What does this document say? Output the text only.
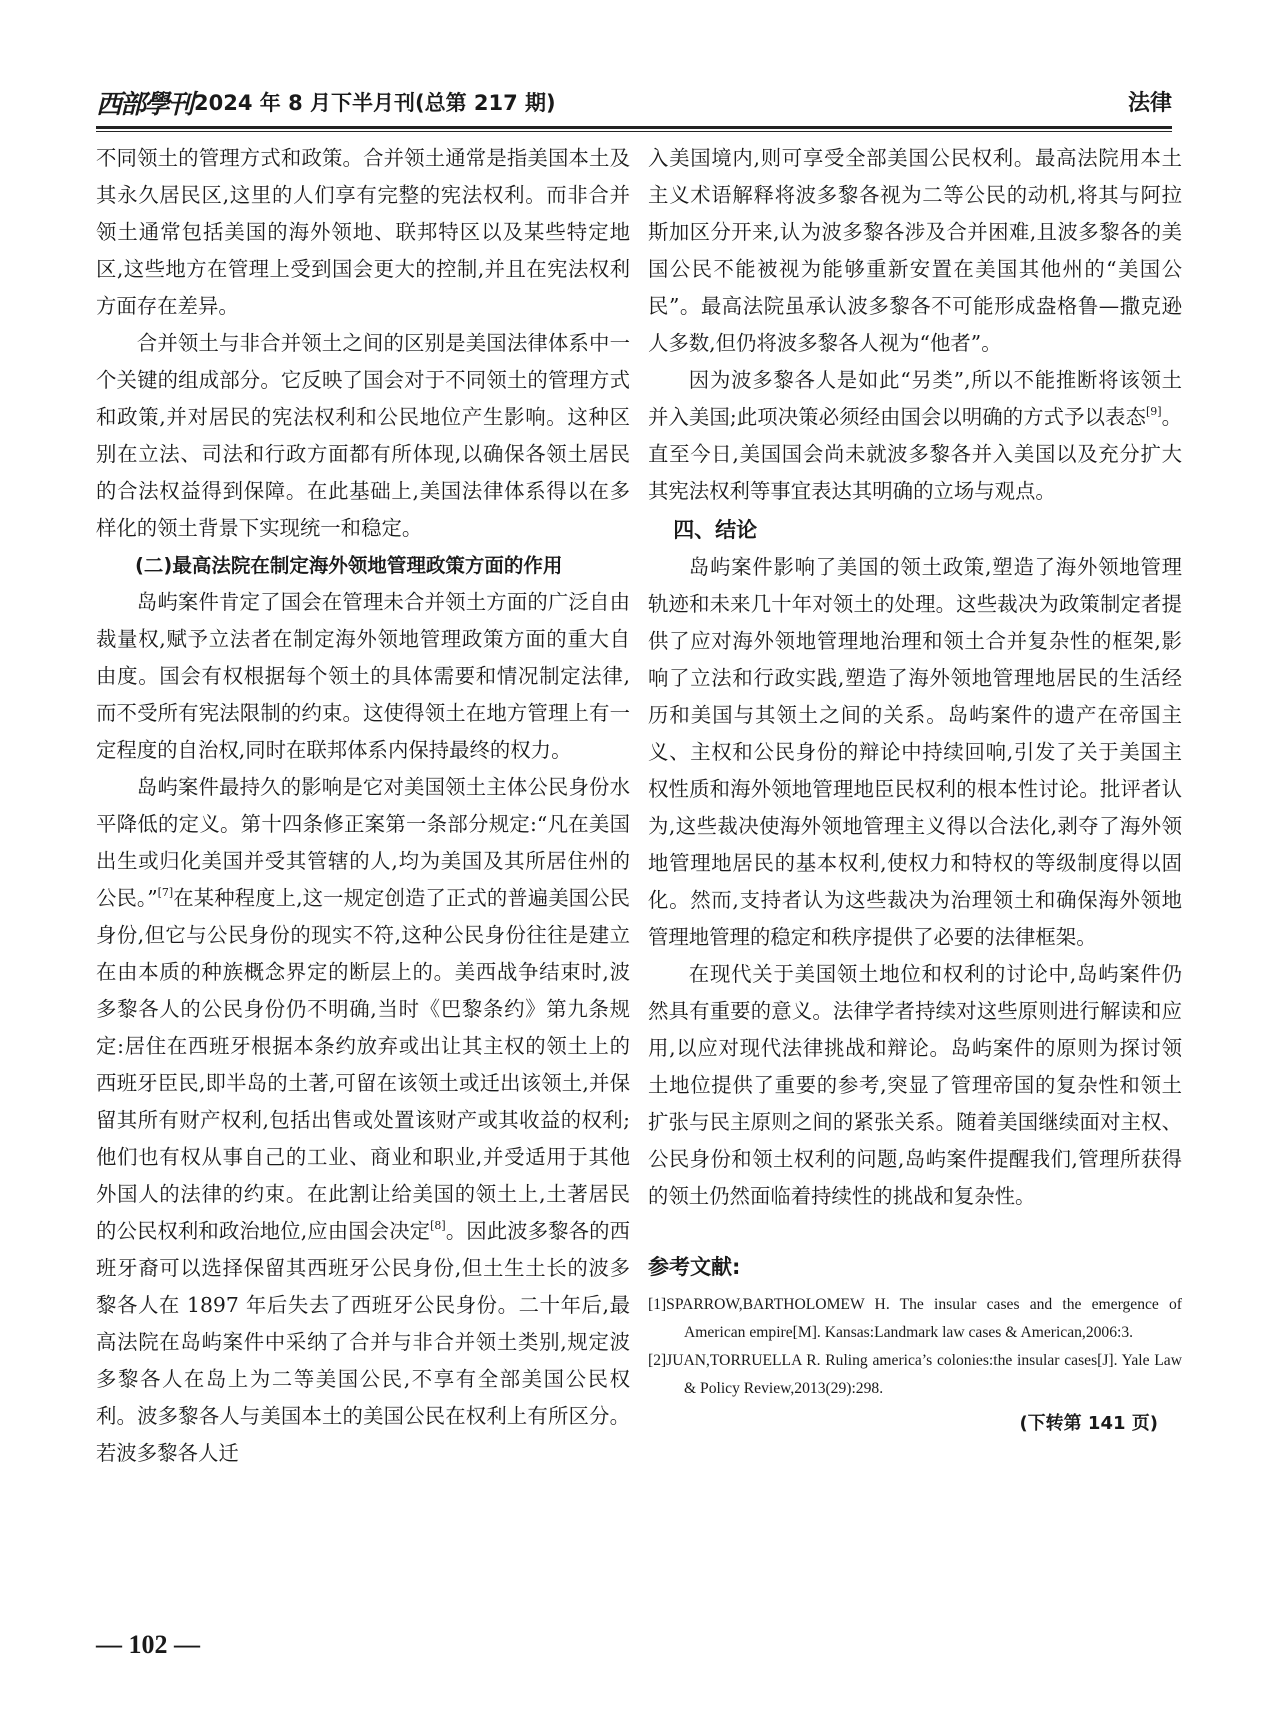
西部學刊 2024 年 8 月下半月刊(总第 217 期)	法律

不同领土的管理方式和政策。合并领土通常是指美国本土及其永久居民区,这里的人们享有完整的宪法权利。而非合并领土通常包括美国的海外领地、联邦特区以及某些特定地区,这些地方在管理上受到国会更大的控制,并且在宪法权利方面存在差异。

合并领土与非合并领土之间的区别是美国法律体系中一个关键的组成部分。它反映了国会对于不同领土的管理方式和政策,并对居民的宪法权利和公民地位产生影响。这种区别在立法、司法和行政方面都有所体现,以确保各领土居民的合法权益得到保障。在此基础上,美国法律体系得以在多样化的领土背景下实现统一和稳定。

(二)最高法院在制定海外领地管理政策方面的作用

岛屿案件肯定了国会在管理未合并领土方面的广泛自由裁量权,赋予立法者在制定海外领地管理政策方面的重大自由度。国会有权根据每个领土的具体需要和情况制定法律,而不受所有宪法限制的约束。这使得领土在地方管理上有一定程度的自治权,同时在联邦体系内保持最终的权力。

岛屿案件最持久的影响是它对美国领土主体公民身份水平降低的定义。第十四条修正案第一条部分规定:“凡在美国出生或归化美国并受其管辖的人,均为美国及其所居住州的公民。”[7]在某种程度上,这一规定创造了正式的普遍美国公民身份,但它与公民身份的现实不符,这种公民身份往往是建立在由本质的种族概念界定的断层上的。美西战争结束时,波多黎各人的公民身份仍不明确,当时《巴黎条约》第九条规定:居住在西班牙根据本条约放弃或出让其主权的领土上的西班牙臣民,即半岛的土著,可留在该领土或迁出该领土,并保留其所有财产权利,包括出售或处置该财产或其收益的权利;他们也有权从事自己的工业、商业和职业,并受适用于其他外国人的法律的约束。在此割让给美国的领土上,土著居民的公民权利和政治地位,应由国会决定[8]。因此波多黎各的西班牙裔可以选择保留其西班牙公民身份,但土生土长的波多黎各人在 1897 年后失去了西班牙公民身份。二十年后,最高法院在岛屿案件中采纳了合并与非合并领土类别,规定波多黎各人在岛上为二等美国公民,不享有全部美国公民权利。波多黎各人与美国本土的美国公民在权利上有所区分。若波多黎各人迁

入美国境内,则可享受全部美国公民权利。最高法院用本土主义术语解释将波多黎各视为二等公民的动机,将其与阿拉斯加区分开来,认为波多黎各涉及合并困难,且波多黎各的美国公民不能被视为能够重新安置在美国其他州的“美国公民”。最高法院虽承认波多黎各不可能形成盎格鲁—撒克逊人多数,但仍将波多黎各人视为“他者”。

因为波多黎各人是如此“另类”,所以不能推断将该领土并入美国;此项决策必须经由国会以明确的方式予以表态[9]。直至今日,美国国会尚未就波多黎各并入美国以及充分扩大其宪法权利等事宜表达其明确的立场与观点。

四、结论

岛屿案件影响了美国的领土政策,塑造了海外领地管理轨迹和未来几十年对领土的处理。这些裁决为政策制定者提供了应对海外领地管理地治理和领土合并复杂性的框架,影响了立法和行政实践,塑造了海外领地管理地居民的生活经历和美国与其领土之间的关系。岛屿案件的遗产在帝国主义、主权和公民身份的辩论中持续回响,引发了关于美国主权性质和海外领地管理地臣民权利的根本性讨论。批评者认为,这些裁决使海外领地管理主义得以合法化,剥夺了海外领地管理地居民的基本权利,使权力和特权的等级制度得以固化。然而,支持者认为这些裁决为治理领土和确保海外领地管理地管理的稳定和秩序提供了必要的法律框架。

在现代关于美国领土地位和权利的讨论中,岛屿案件仍然具有重要的意义。法律学者持续对这些原则进行解读和应用,以应对现代法律挑战和辩论。岛屿案件的原则为探讨领土地位提供了重要的参考,突显了管理帝国的复杂性和领土扩张与民主原则之间的紧张关系。随着美国继续面对主权、公民身份和领土权利的问题,岛屿案件提醒我们,管理所获得的领土仍然面临着持续性的挑战和复杂性。

参考文献:

[1]SPARROW,BARTHOLOMEW H. The insular cases and the emergence of American empire[M]. Kansas:Landmark law cases & American,2006:3.

[2]JUAN,TORRUELLA R. Ruling america’s colonies:the insular cases[J]. Yale Law & Policy Review,2013(29):298.

(下转第 141 页)
— 102 —
